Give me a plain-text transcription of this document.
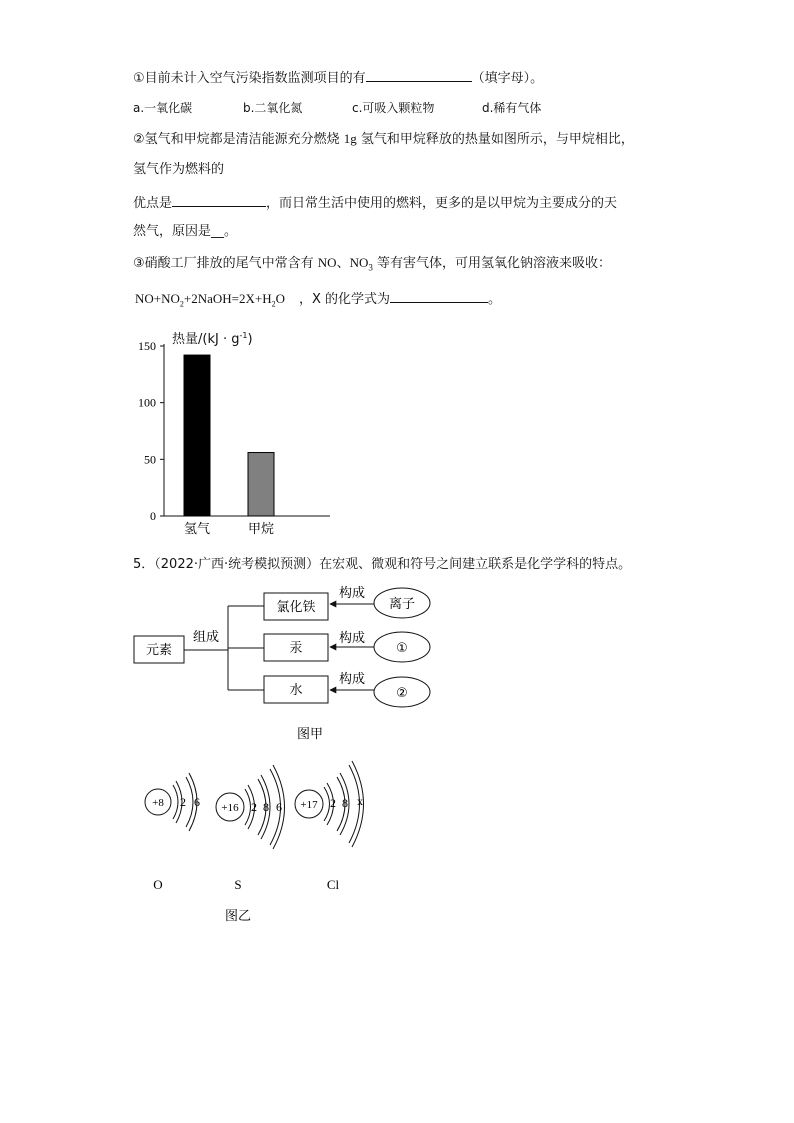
①目前未计入空气污染指数监测项目的有	（填字母）。
a.一氧化碳	b.二氧化氮	c.可吸入颗粒物	d.稀有气体
②氢气和甲烷都是清洁能源充分燃烧 1g 氢气和甲烷释放的热量如图所示，与甲烷相比，
氢气作为燃料的
优点是	，而日常生活中使用的燃料，更多的是以甲烷为主要成分的天
然气，原因是__。
③硝酸工厂排放的尾气中常含有 NO、$NO_3$ 等有害气体，可用氢氧化钠溶液来吸收：
$NO+NO_2+2NaOH=2X+H_2O$ ，X 的化学式为	。
0
50
100
150
氢气	甲烷
热量$/(kJ \cdot g^{-1})$
5．（2022·广西·统考模拟预测）在宏观、微观和符号之间建立联系是化学学科的特点。
元素
组成
氯化铁
汞
水
构成
构成
构成
离子
①
②
图甲
+8 2 6
O
+16 2 8 6
S
+17 2 8 x
Cl
图乙
